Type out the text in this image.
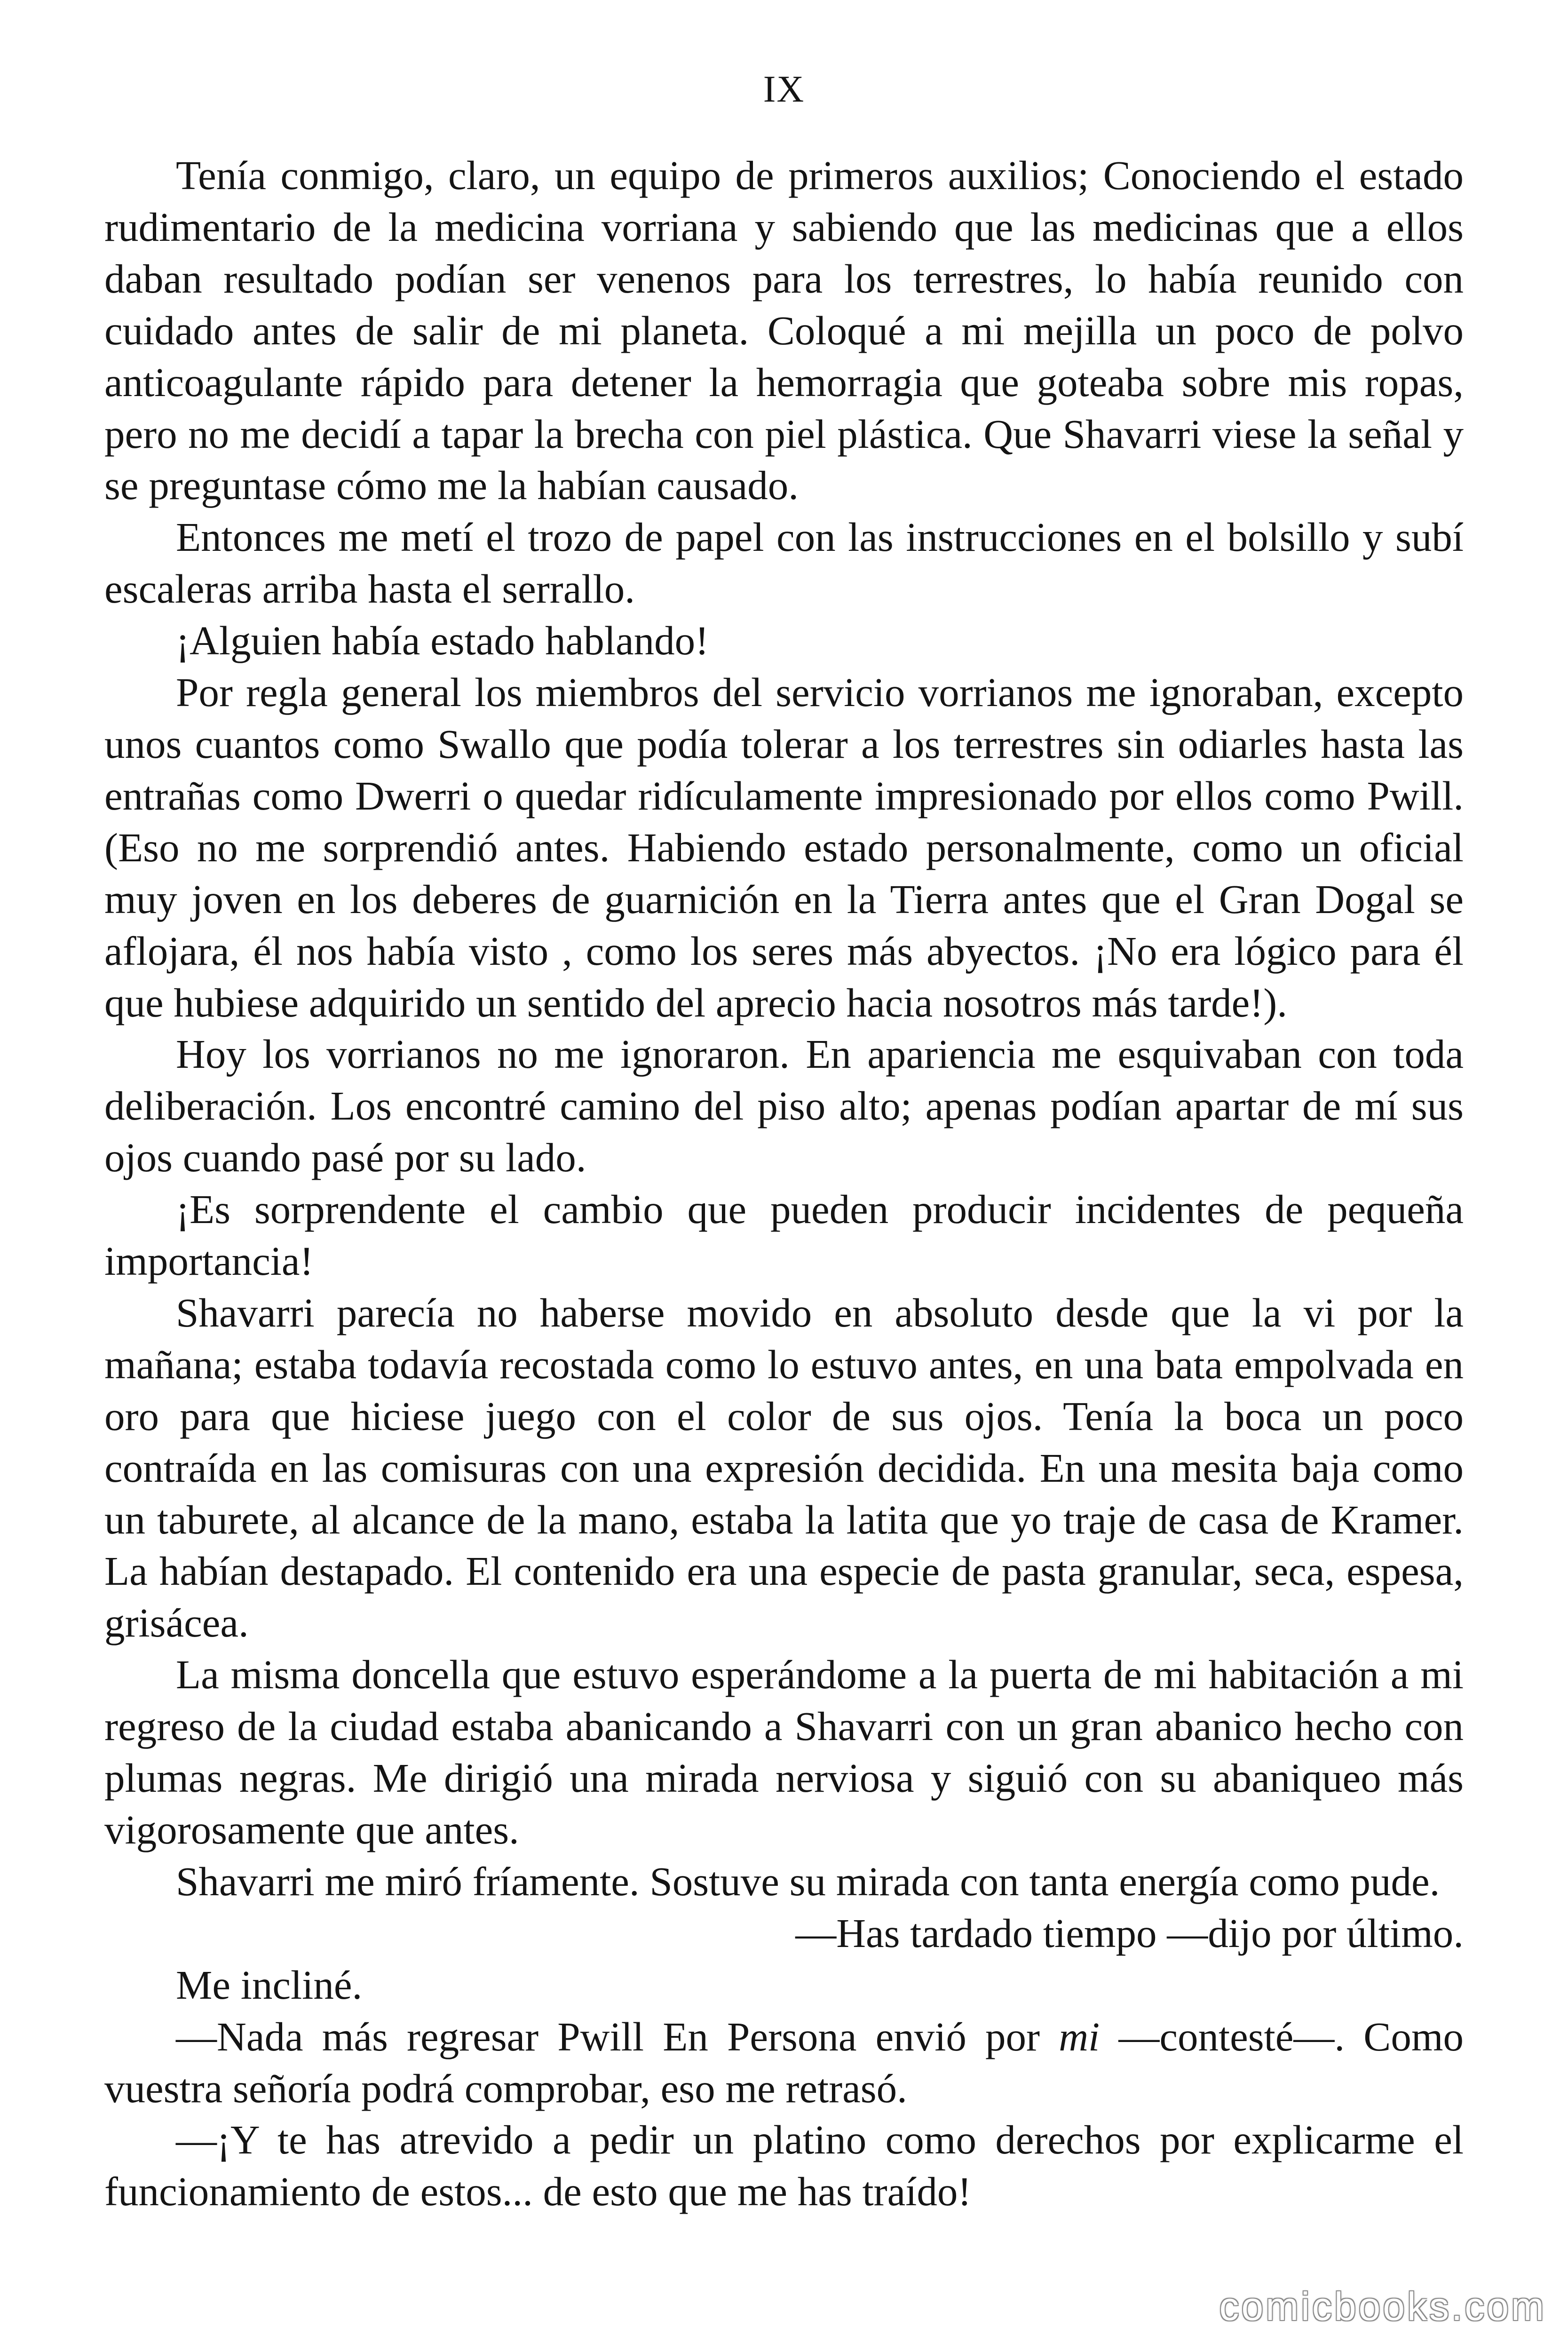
IX

Tenía conmigo, claro, un equipo de primeros auxilios; Conociendo el estado rudimentario de la medicina vorriana y sabiendo que las medicinas que a ellos daban resultado podían ser venenos para los terrestres, lo había reunido con cuidado antes de salir de mi planeta. Coloqué a mi mejilla un poco de polvo anticoagulante rápido para detener la hemorragia que goteaba sobre mis ropas, pero no me decidí a tapar la brecha con piel plástica. Que Shavarri viese la señal y se preguntase cómo me la habían causado.

Entonces me metí el trozo de papel con las instrucciones en el bolsillo y subí escaleras arriba hasta el serrallo.

¡Alguien había estado hablando!

Por regla general los miembros del servicio vorrianos me ignoraban, excepto unos cuantos como Swallo que podía tolerar a los terrestres sin odiarles hasta las entrañas como Dwerri o quedar ridículamente impresionado por ellos como Pwill. (Eso no me sorprendió antes. Habiendo estado personalmente, como un oficial muy joven en los deberes de guarnición en la Tierra antes que el Gran Dogal se aflojara, él nos había visto , como los seres más abyectos. ¡No era lógico para él que hubiese adquirido un sentido del aprecio hacia nosotros más tarde!).

Hoy los vorrianos no me ignoraron. En apariencia me esquivaban con toda deliberación. Los encontré camino del piso alto; apenas podían apartar de mí sus ojos cuando pasé por su lado.

¡Es sorprendente el cambio que pueden producir incidentes de pequeña importancia!

Shavarri parecía no haberse movido en absoluto desde que la vi por la mañana; estaba todavía recostada como lo estuvo antes, en una bata empolvada en oro para que hiciese juego con el color de sus ojos. Tenía la boca un poco contraída en las comisuras con una expresión decidida. En una mesita baja como un taburete, al alcance de la mano, estaba la latita que yo traje de casa de Kramer. La habían destapado. El contenido era una especie de pasta granular, seca, espesa, grisácea.

La misma doncella que estuvo esperándome a la puerta de mi habitación a mi regreso de la ciudad estaba abanicando a Shavarri con un gran abanico hecho con plumas negras. Me dirigió una mirada nerviosa y siguió con su abaniqueo más vigorosamente que antes.

Shavarri me miró fríamente. Sostuve su mirada con tanta energía como pude.

—Has tardado tiempo —dijo por último.

Me incliné.

—Nada más regresar Pwill En Persona envió por mi —contesté—. Como vuestra señoría podrá comprobar, eso me retrasó.

—¡Y te has atrevido a pedir un platino como derechos por explicarme el funcionamiento de estos... de esto que me has traído!

comicbooks.com
